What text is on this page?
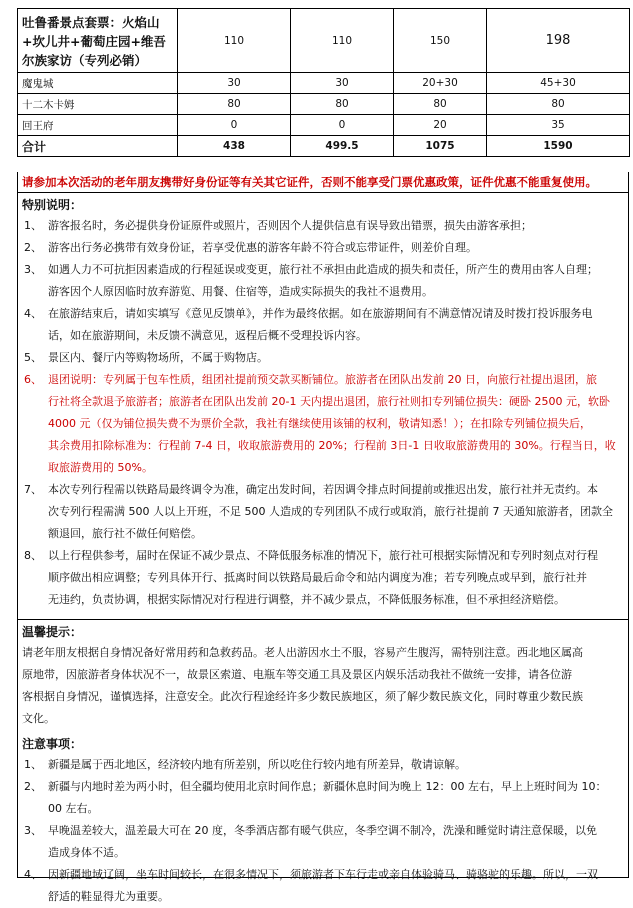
吐鲁番景点套票：火焰山+坎儿井+葡萄庄园+维吾尔族家访（专列必销）	110	110	150	198
魔鬼城	30	30	20+30	45+30
十二木卡姆	80	80	80	80
回王府	0	0	20	35
合计	438	499.5	1075	1590
请参加本次活动的老年朋友携带好身份证等有关其它证件，否则不能享受门票优惠政策，证件优惠不能重复使用。
特别说明：
1、 游客报名时，务必提供身份证原件或照片，否则因个人提供信息有误导致出错票，损失由游客承担；
2、 游客出行务必携带有效身份证，若享受优惠的游客年龄不符合或忘带证件，则差价自理。
3、 如遇人力不可抗拒因素造成的行程延误或变更，旅行社不承担由此造成的损失和责任，所产生的费用由客人自理；
游客因个人原因临时放弃游览、用餐、住宿等，造成实际损失的我社不退费用。
4、 在旅游结束后，请如实填写《意见反馈单》，并作为最终依据。如在旅游期间有不满意情况请及时拨打投诉服务电
话，如在旅游期间，未反馈不满意见，返程后概不受理投诉内容。
5、 景区内、餐厅内等购物场所，不属于购物店。
6、 退团说明：专列属于包车性质，组团社提前预交款买断铺位。旅游者在团队出发前 20 日，向旅行社提出退团，旅
行社将全款退予旅游者；旅游者在团队出发前 20-1 天内提出退团，旅行社则扣专列铺位损失：硬卧 2500 元，软卧
4000 元（仅为铺位损失费不为票价全款，我社有继续使用该铺的权利，敬请知悉！）；在扣除专列铺位损失后，
其余费用扣除标准为：行程前 7-4 日，收取旅游费用的 20%；行程前 3日-1 日收取旅游费用的 30%。行程当日，收
取旅游费用的 50%。
7、 本次专列行程需以铁路局最终调令为准，确定出发时间，若因调令排点时间提前或推迟出发，旅行社并无责约。本
次专列行程需满 500 人以上开班，不足 500 人造成的专列团队不成行或取消，旅行社提前 7 天通知旅游者，团款全
额退回，旅行社不做任何赔偿。
8、 以上行程供参考，届时在保证不减少景点、不降低服务标准的情况下，旅行社可根据实际情况和专列时刻点对行程
顺序做出相应调整；专列具体开行、抵离时间以铁路局最后命令和站内调度为准；若专列晚点或早到，旅行社并
无违约，负责协调，根据实际情况对行程进行调整，并不减少景点，不降低服务标准，但不承担经济赔偿。
温馨提示：
请老年朋友根据自身情况备好常用药和急救药品。老人出游因水土不服，容易产生腹泻，需特别注意。西北地区属高
原地带，因旅游者身体状况不一，故景区索道、电瓶车等交通工具及景区内娱乐活动我社不做统一安排，请各位游
客根据自身情况，谨慎选择，注意安全。此次行程途经许多少数民族地区，须了解少数民族文化，同时尊重少数民族
文化。
注意事项：
1、 新疆是属于西北地区，经济较内地有所差别，所以吃住行较内地有所差异，敬请谅解。
2、 新疆与内地时差为两小时，但全疆均使用北京时间作息；新疆休息时间为晚上 12：00 左右，早上上班时间为 10：
00 左右。
3、 早晚温差较大，温差最大可在 20 度，冬季酒店都有暖气供应，冬季空调不制冷，洗澡和睡觉时请注意保暖，以免
造成身体不适。
4、 因新疆地域辽阔，坐车时间较长，在很多情况下，须旅游者下车行走或亲自体验骑马、骑骆驼的乐趣。所以，一双
舒适的鞋显得尤为重要。
